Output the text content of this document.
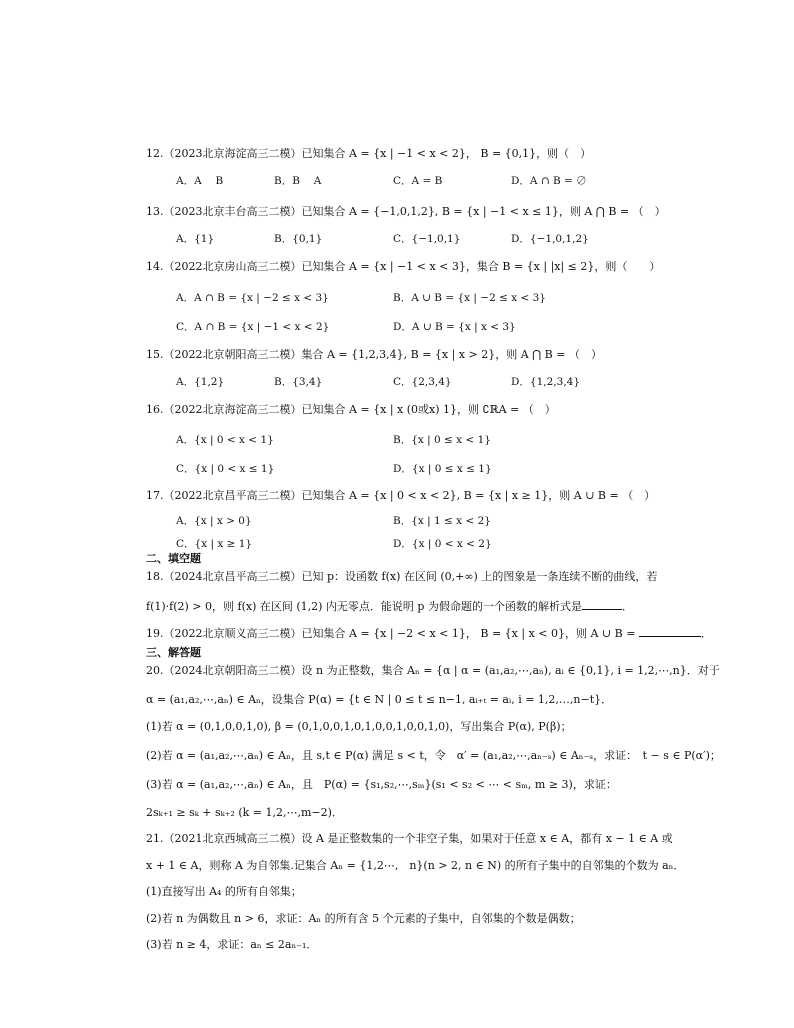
12.（2023北京海淀高三二模）已知集合 A = {x | −1 < x < 2}， B = {0,1}，则（　）
A．A　 B	B．B　 A	C．A = B	D．A ∩ B = ∅
13.（2023北京丰台高三二模）已知集合 A = {−1,0,1,2}, B = {x | −1 < x ≤ 1}，则 A ⋂ B = （　）
A．{1}	B．{0,1}	C．{−1,0,1}	D．{−1,0,1,2}
14.（2022北京房山高三二模）已知集合 A = {x | −1 < x < 3}，集合 B = {x | |x| ≤ 2}，则（　　）
A．A ∩ B = {x | −2 ≤ x < 3}	B．A ∪ B = {x | −2 ≤ x < 3}
C．A ∩ B = {x | −1 < x < 2}	D．A ∪ B = {x | x < 3}
15.（2022北京朝阳高三二模）集合 A = {1,2,3,4}, B = {x | x > 2}，则 A ⋂ B = （　）
A．{1,2}	B．{3,4}	C．{2,3,4}	D．{1,2,3,4}
16.（2022北京海淀高三二模）已知集合 A = {x | x (0或x) 1}，则 ∁ℝA = （　）
A．{x | 0 < x < 1}	B．{x | 0 ≤ x < 1}
C．{x | 0 < x ≤ 1}	D．{x | 0 ≤ x ≤ 1}
17.（2022北京昌平高三二模）已知集合 A = {x | 0 < x < 2}, B = {x | x ≥ 1}，则 A ∪ B = （　）
A．{x | x > 0}	B．{x | 1 ≤ x < 2}
C．{x | x ≥ 1}	D．{x | 0 < x < 2}
二、填空题
18.（2024北京昌平高三二模）已知 p：设函数 f(x) 在区间 (0,+∞) 上的图象是一条连续不断的曲线，若
f(1)·f(2) > 0，则 f(x) 在区间 (1,2) 内无零点．能说明 p 为假命题的一个函数的解析式是	．
19.（2022北京顺义高三二模）已知集合 A = {x | −2 < x < 1}， B = {x | x < 0}，则 A ∪ B =	．
三、解答题
20.（2024北京朝阳高三二模）设 n 为正整数，集合 Aₙ = {α | α = (a₁,a₂,⋯,aₙ), aᵢ ∈ {0,1}, i = 1,2,⋯,n}．对于
α = (a₁,a₂,⋯,aₙ) ∈ Aₙ，设集合 P(α) = {t ∈ N | 0 ≤ t ≤ n−1, aᵢ₊ₜ = aᵢ, i = 1,2,…,n−t}．
(1)若 α = (0,1,0,0,1,0), β = (0,1,0,0,1,0,1,0,0,1,0,0,1,0)，写出集合 P(α), P(β)；
(2)若 α = (a₁,a₂,⋯,aₙ) ∈ Aₙ，且 s,t ∈ P(α) 满足 s < t，令　α′ = (a₁,a₂,⋯,aₙ₋ₛ) ∈ Aₙ₋ₛ，求证：　t − s ∈ P(α′)；
(3)若 α = (a₁,a₂,⋯,aₙ) ∈ Aₙ，且　P(α) = {s₁,s₂,⋯,sₘ}(s₁ < s₂ < ⋯ < sₘ, m ≥ 3)，求证：
2sₖ₊₁ ≥ sₖ + sₖ₊₂ (k = 1,2,⋯,m−2)．
21.（2021北京西城高三二模）设 A 是正整数集的一个非空子集，如果对于任意 x ∈ A，都有 x − 1 ∈ A 或
x + 1 ∈ A，则称 A 为自邻集.记集合 Aₙ = {1,2⋯,　n}(n > 2, n ∈ N) 的所有子集中的自邻集的个数为 aₙ．
(1)直接写出 A₄ 的所有自邻集；
(2)若 n 为偶数且 n > 6，求证：Aₙ 的所有含 5 个元素的子集中，自邻集的个数是偶数；
(3)若 n ≥ 4，求证：aₙ ≤ 2aₙ₋₁．
